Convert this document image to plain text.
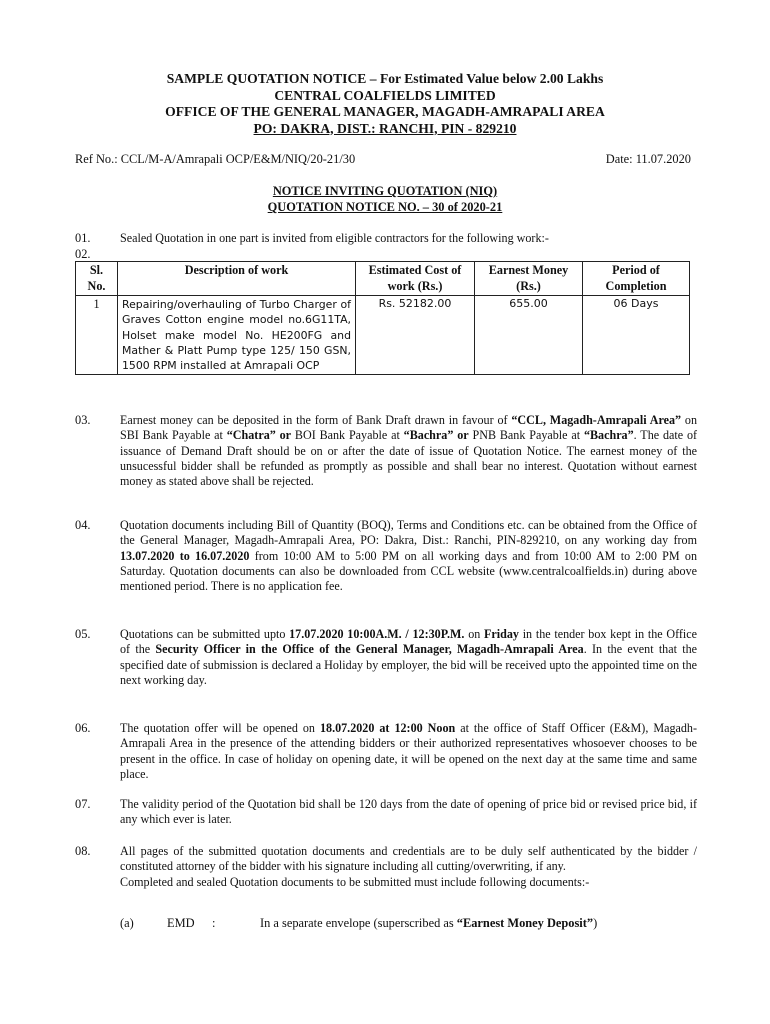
SAMPLE QUOTATION NOTICE – For Estimated Value below 2.00 Lakhs
CENTRAL COALFIELDS LIMITED
OFFICE OF THE GENERAL MANAGER, MAGADH-AMRAPALI AREA
PO: DAKRA, DIST.: RANCHI, PIN - 829210
Ref No.: CCL/M-A/Amrapali OCP/E&M/NIQ/20-21/30	Date: 11.07.2020
NOTICE INVITING QUOTATION (NIQ)
QUOTATION NOTICE NO. – 30 of 2020-21
01. Sealed Quotation in one part is invited from eligible contractors for the following work:-
02.
Sl. No.	Description of work	Estimated Cost of work (Rs.)	Earnest Money (Rs.)	Period of Completion
1	Repairing/overhauling of Turbo Charger of Graves Cotton engine model no.6G11TA, Holset make model No. HE200FG and Mather & Platt Pump type 125/ 150 GSN, 1500 RPM installed at Amrapali OCP	Rs. 52182.00	655.00	06 Days
03. Earnest money can be deposited in the form of Bank Draft drawn in favour of “CCL, Magadh-Amrapali Area” on SBI Bank Payable at “Chatra” or BOI Bank Payable at “Bachra” or PNB Bank Payable at “Bachra”. The date of issuance of Demand Draft should be on or after the date of issue of Quotation Notice. The earnest money of the unsucessful bidder shall be refunded as promptly as possible and shall bear no interest. Quotation without earnest money as stated above shall be rejected.
04. Quotation documents including Bill of Quantity (BOQ), Terms and Conditions etc. can be obtained from the Office of the General Manager, Magadh-Amrapali Area, PO: Dakra, Dist.: Ranchi, PIN-829210, on any working day from 13.07.2020 to 16.07.2020 from 10:00 AM to 5:00 PM on all working days and from 10:00 AM to 2:00 PM on Saturday. Quotation documents can also be downloaded from CCL website (www.centralcoalfields.in) during above mentioned period. There is no application fee.
05. Quotations can be submitted upto 17.07.2020 10:00A.M. / 12:30P.M. on Friday in the tender box kept in the Office of the Security Officer in the Office of the General Manager, Magadh-Amrapali Area. In the event that the specified date of submission is declared a Holiday by employer, the bid will be received upto the appointed time on the next working day.
06. The quotation offer will be opened on 18.07.2020 at 12:00 Noon at the office of Staff Officer (E&M), Magadh-Amrapali Area in the presence of the attending bidders or their authorized representatives whosoever chooses to be present in the office. In case of holiday on opening date, it will be opened on the next day at the same time and same place.
07. The validity period of the Quotation bid shall be 120 days from the date of opening of price bid or revised price bid, if any which ever is later.
08. All pages of the submitted quotation documents and credentials are to be duly self authenticated by the bidder / constituted attorney of the bidder with his signature including all cutting/overwriting, if any.
Completed and sealed Quotation documents to be submitted must include following documents:-
(a)	EMD :	In a separate envelope (superscribed as “Earnest Money Deposit”)
